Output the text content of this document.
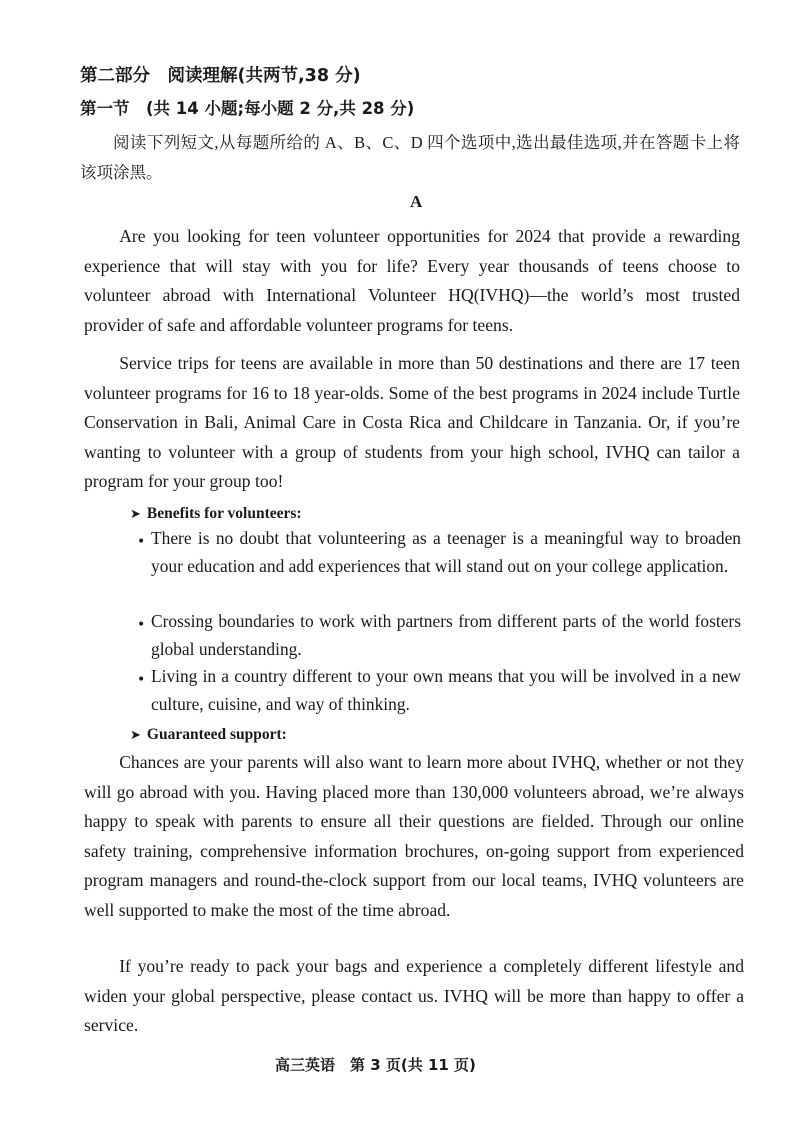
第二部分　阅读理解(共两节,38 分)
第一节　(共 14 小题;每小题 2 分,共 28 分)
阅读下列短文,从每题所给的 A、B、C、D 四个选项中,选出最佳选项,并在答题卡上将该项涂黑。
A
Are you looking for teen volunteer opportunities for 2024 that provide a rewarding experience that will stay with you for life? Every year thousands of teens choose to volunteer abroad with International Volunteer HQ(IVHQ)—the world’s most trusted provider of safe and affordable volunteer programs for teens.
Service trips for teens are available in more than 50 destinations and there are 17 teen volunteer programs for 16 to 18 year-olds. Some of the best programs in 2024 include Turtle Conservation in Bali, Animal Care in Costa Rica and Childcare in Tanzania. Or, if you’re wanting to volunteer with a group of students from your high school, IVHQ can tailor a program for your group too!
➤ Benefits for volunteers:
• There is no doubt that volunteering as a teenager is a meaningful way to broaden your education and add experiences that will stand out on your college application.
• Crossing boundaries to work with partners from different parts of the world fosters global understanding.
• Living in a country different to your own means that you will be involved in a new culture, cuisine, and way of thinking.
➤ Guaranteed support:
Chances are your parents will also want to learn more about IVHQ, whether or not they will go abroad with you. Having placed more than 130,000 volunteers abroad, we’re always happy to speak with parents to ensure all their questions are fielded. Through our online safety training, comprehensive information brochures, on-going support from experienced program managers and round-the-clock support from our local teams, IVHQ volunteers are well supported to make the most of the time abroad.
If you’re ready to pack your bags and experience a completely different lifestyle and widen your global perspective, please contact us. IVHQ will be more than happy to offer a service.
高三英语　第 3 页(共 11 页)
